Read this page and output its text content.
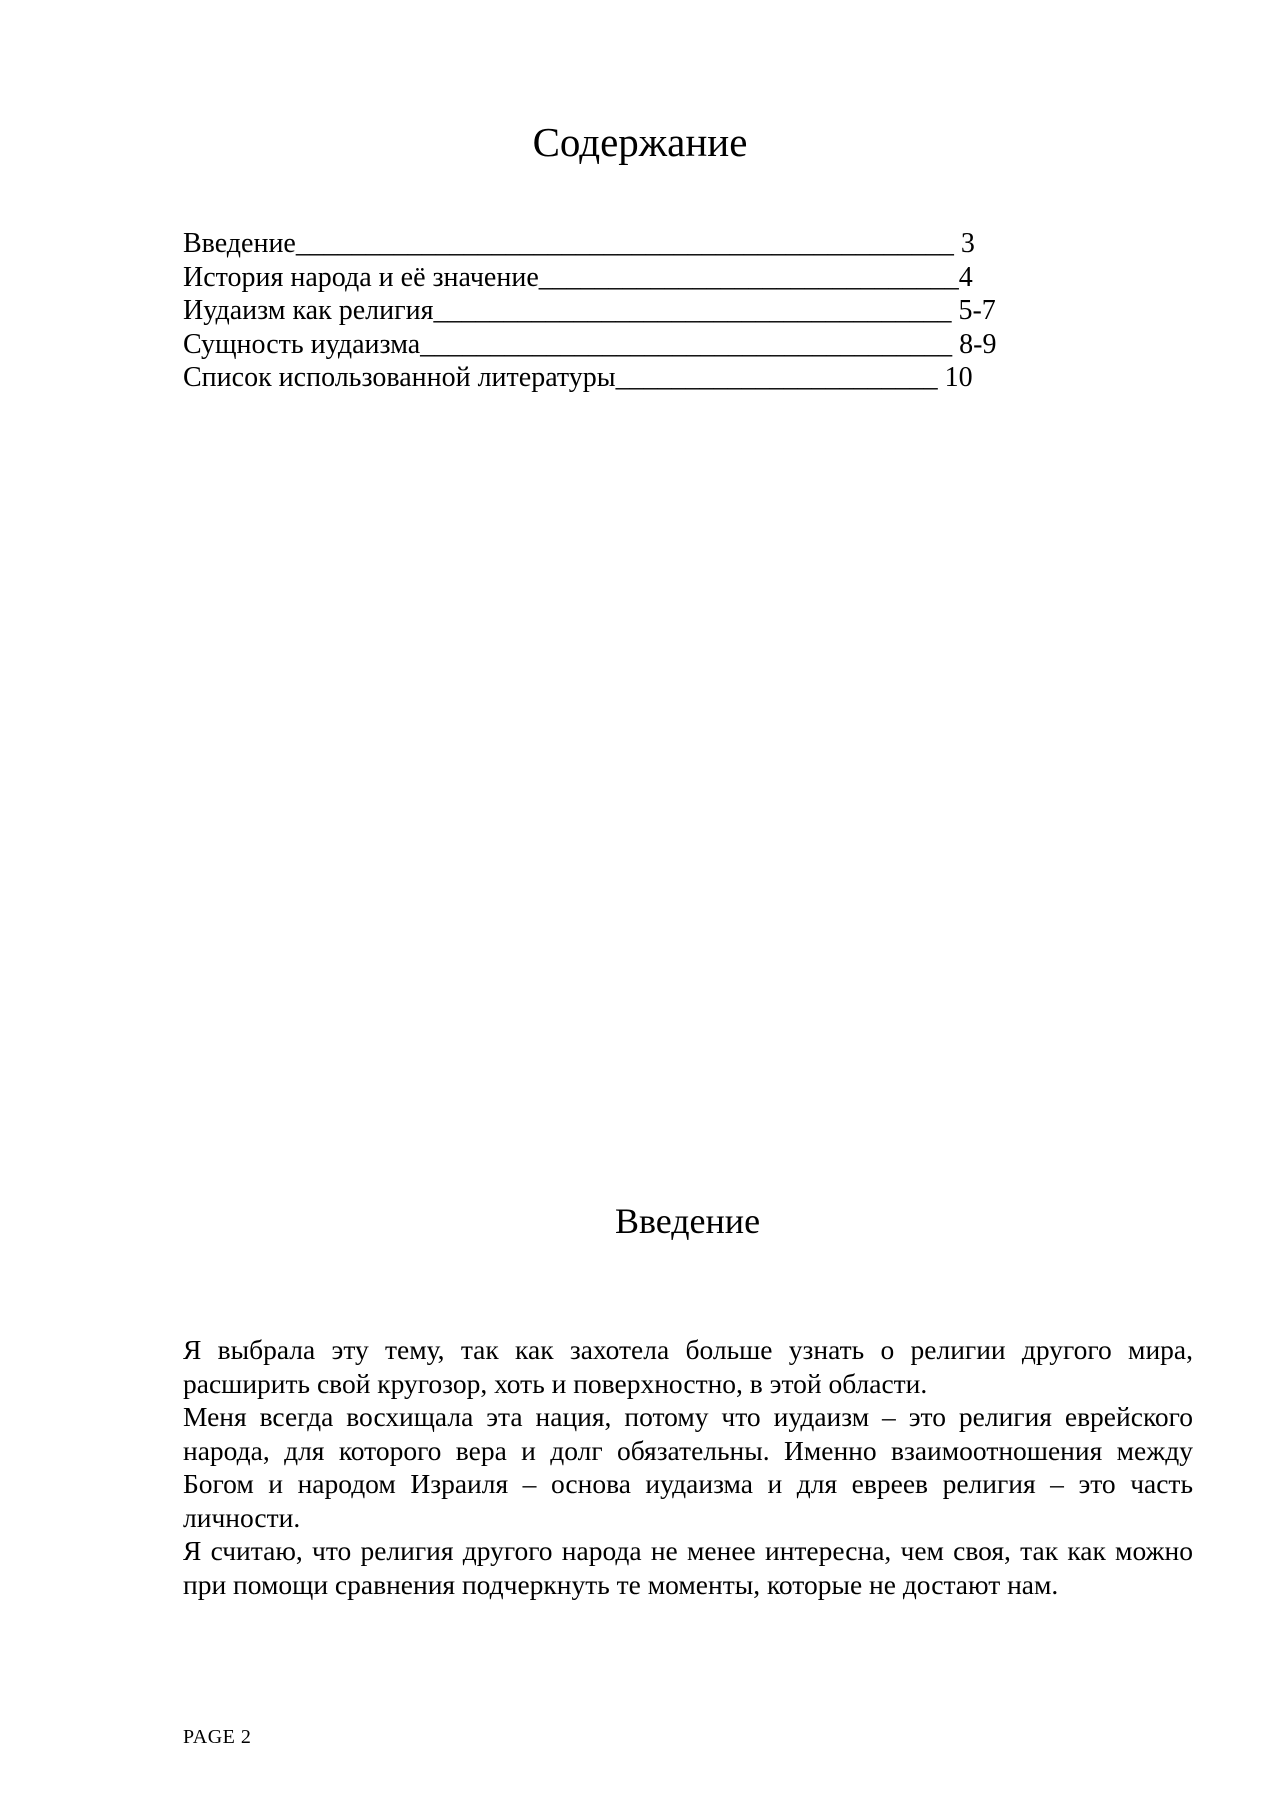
Содержание
Введение_______________________________________________ 3
История народа и её значение______________________________4
Иудаизм как религия_____________________________________ 5-7
Сущность иудаизма______________________________________ 8-9
Список использованной литературы_______________________ 10
Введение

Я выбрала эту тему, так как захотела больше узнать о религии другого мира, расширить свой кругозор, хоть и поверхностно, в этой области.

Меня всегда восхищала эта нация, потому что иудаизм – это религия еврейского народа, для которого вера и долг обязательны. Именно взаимоотношения между Богом и народом Израиля – основа иудаизма и для евреев религия – это часть личности.

Я считаю, что религия другого народа не менее интересна, чем своя, так как можно при помощи сравнения подчеркнуть те моменты, которые не достают нам.

PAGE 2
